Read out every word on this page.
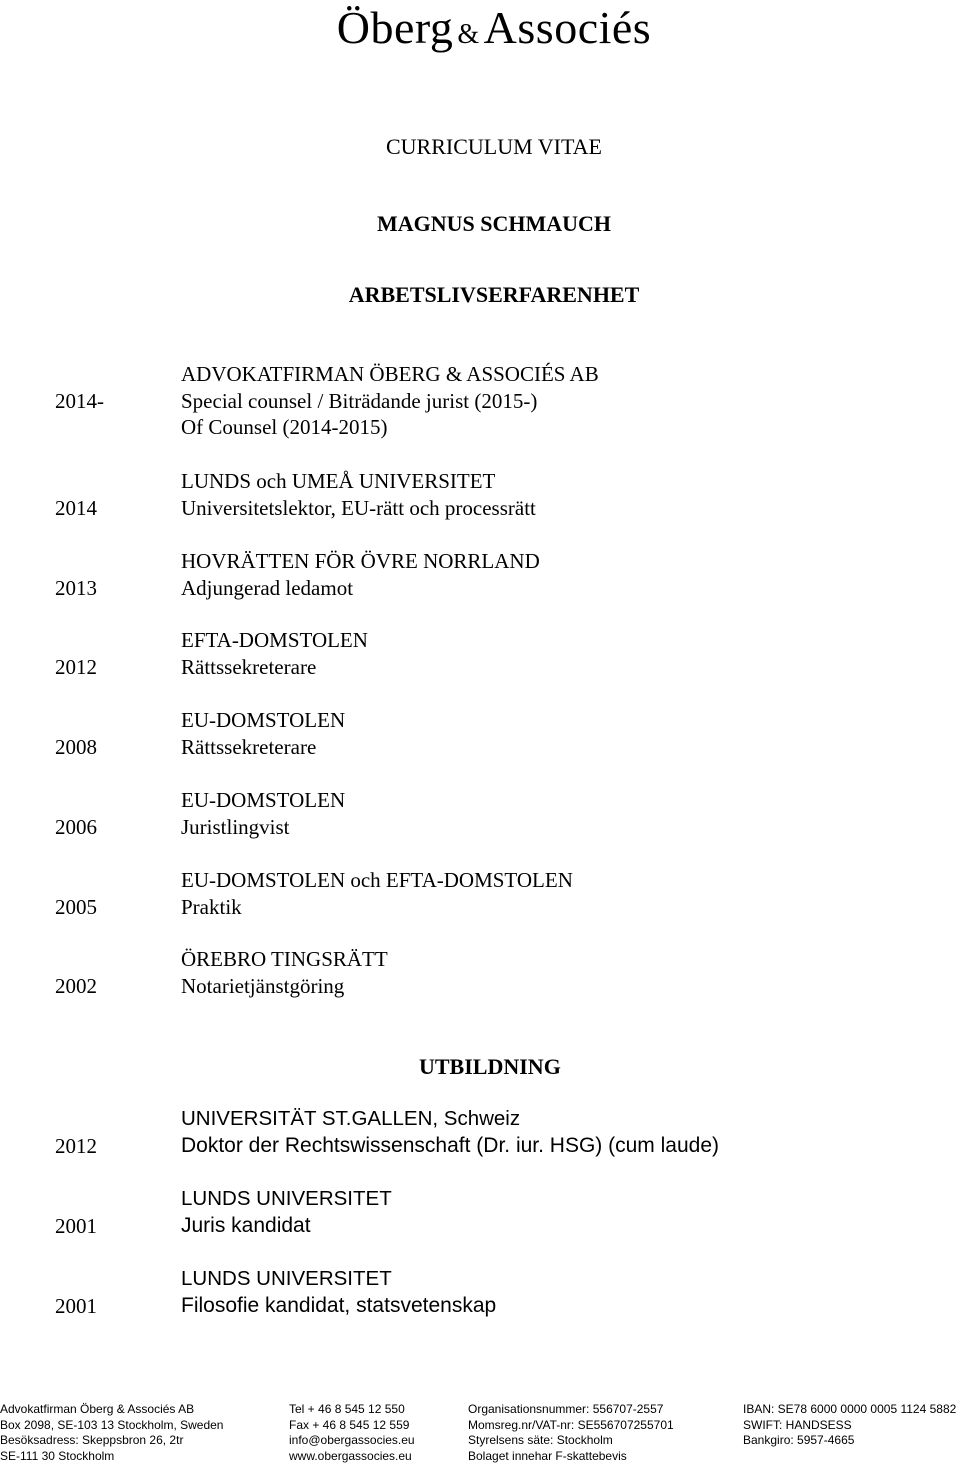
Öberg &Associés
CURRICULUM VITAE
MAGNUS SCHMAUCH
ARBETSLIVSERFARENHET
2014-
ADVOKATFIRMAN ÖBERG & ASSOCIÉS AB
Special counsel / Biträdande jurist (2015-)
Of Counsel (2014-2015)
2014
LUNDS och UMEÅ UNIVERSITET
Universitetslektor, EU-rätt och processrätt
2013
HOVRÄTTEN FÖR ÖVRE NORRLAND
Adjungerad ledamot
2012
EFTA-DOMSTOLEN
Rättssekreterare
2008
EU-DOMSTOLEN
Rättssekreterare
2006
EU-DOMSTOLEN
Juristlingvist
2005
EU-DOMSTOLEN och EFTA-DOMSTOLEN
Praktik
2002
ÖREBRO TINGSRÄTT
Notarietjänstgöring
UTBILDNING
2012
UNIVERSITÄT ST.GALLEN, Schweiz
Doktor der Rechtswissenschaft (Dr. iur. HSG) (cum laude)
2001
LUNDS UNIVERSITET
Juris kandidat
2001
LUNDS UNIVERSITET
Filosofie kandidat, statsvetenskap
Advokatfirman Öberg & Associés AB
Box 2098, SE-103 13 Stockholm, Sweden
Besöksadress: Skeppsbron 26, 2tr
SE-111 30 Stockholm
Tel + 46 8 545 12 550
Fax + 46 8 545 12 559
info@obergassocies.eu
www.obergassocies.eu
Organisationsnummer: 556707-2557
Momsreg.nr/VAT-nr: SE556707255701
Styrelsens säte: Stockholm
Bolaget innehar F-skattebevis
IBAN: SE78 6000 0000 0005 1124 5882
SWIFT: HANDSESS
Bankgiro: 5957-4665
